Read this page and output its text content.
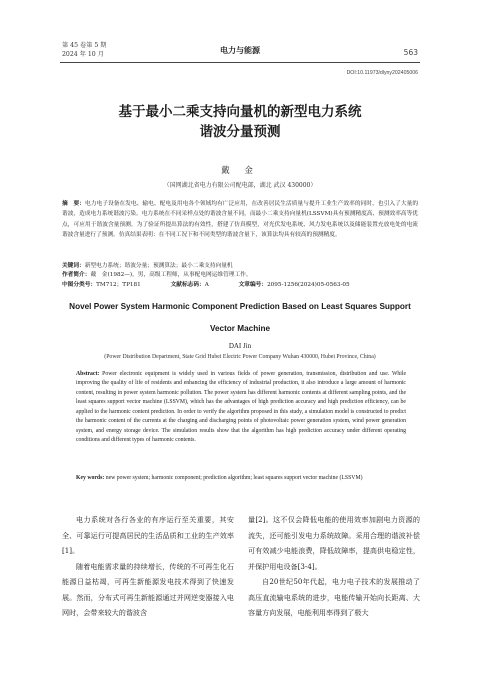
第 45 卷第 5 期
2024 年 10 月	电力与能源	563
DOI:10.11973/dlyny202405006
基于最小二乘支持向量机的新型电力系统
谐波分量预测
戴 金
（国网湖北省电力有限公司配电部，湖北 武汉 430000）
摘　要：电力电子设备在发电、输电、配电及用电各个领域均有广泛应用，在改善居民生活质量与提升工业生产效率的同时，也引入了大量的谐波，造成电力系统谐波污染。电力系统在不同采样点处的谐波含量不同，而最小二乘支持向量机(LSSVM)具有预测精度高、预测效率高等优点，可应用于谐波含量预测。为了验证所提出算法的有效性，搭建了仿真模型，对光伏发电系统、风力发电系统以及储能装置充放电处的电流谐波含量进行了预测。仿真结果表明：在不同工况下和不同类型的谐波含量下，该算法均具有较高的预测精度。
关键词：新型电力系统；谐波分量；预测算法；最小二乘支持向量机
作者简介：戴　金(1982—)，男，高级工程师，从事配电网运维管理工作。
中图分类号：TM712；TP181	文献标志码：A	文章编号：2095-1256(2024)05-0563-05
Novel Power System Harmonic Component Prediction Based on Least Squares Support
Vector Machine
DAI Jin
(Power Distribution Department, State Grid Hubei Electric Power Company Wuhan 430000, Hubei Province, China)
Abstract: Power electronic equipment is widely used in various fields of power generation, transmission, distribution and use. While improving the quality of life of residents and enhancing the efficiency of industrial production, it also introduce a large amount of harmonic content, resulting in power system harmonic pollution. The power system has different harmonic contents at different sampling points, and the least squares support vector machine (LSSVM), which has the advantages of high prediction accuracy and high prediction efficiency, can be applied to the harmonic content prediction. In order to verify the algorithm proposed in this study, a simulation model is constructed to predict the harmonic content of the currents at the charging and discharging points of photovoltaic power generation system, wind power generation system, and energy storage device. The simulation results show that the algorithm has high prediction accuracy under different operating conditions and different types of harmonic contents.
Key words: new power system; harmonic component; prediction algorithm; least squares support vector machine (LSSVM)

电力系统对各行各业的有序运行至关重要，其安全、可靠运行可提高居民的生活品质和工业的生产效率[1]。

随着电能需求量的持续增长，传统的不可再生化石能源日益枯竭，可再生新能源发电技术得到了快速发展。然而，分布式可再生新能源通过并网逆变器接入电网时，会带来较大的谐波含

量[2]。这不仅会降低电能的使用效率加剧电力资源的流失，还可能引发电力系统故障。采用合理的谐波补偿可有效减少电能浪费，降低故障率，提高供电稳定性，并保护用电设备[3-4]。

自20世纪50年代起，电力电子技术的发展推动了高压直流输电系统的进步，电能传输开始向长距离、大容量方向发展，电能利用率得到了极大
